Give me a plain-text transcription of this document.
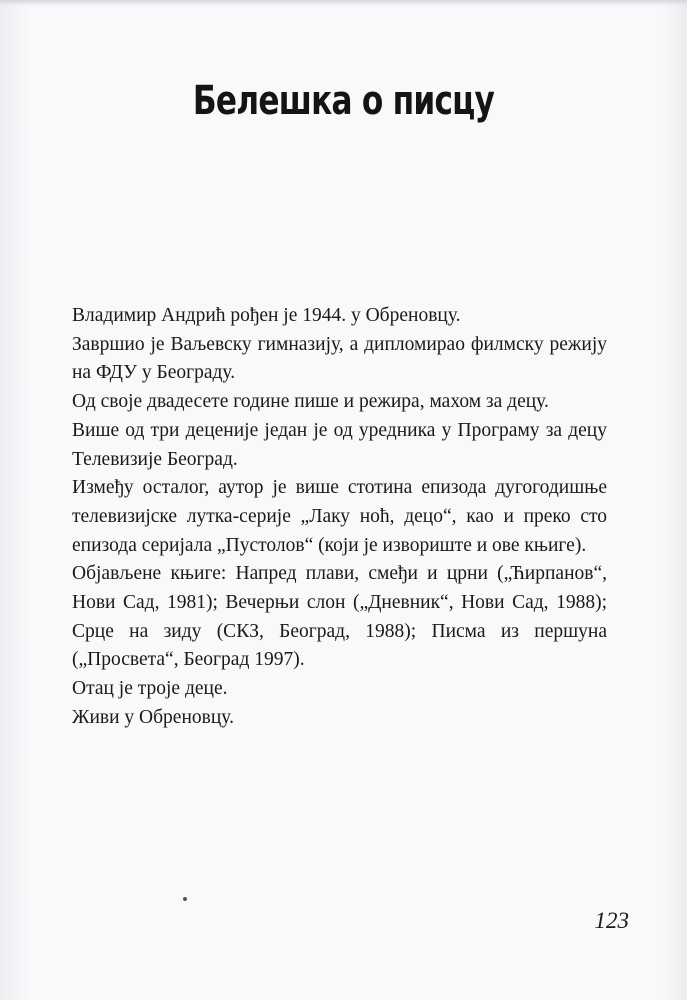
Белешка о писцу

Владимир Андрић рођен је 1944. у Обреновцу.

Завршио је Ваљевску гимназију, а дипломирао филмску режију на ФДУ у Београду.

Од своје двадесете године пише и режира, махом за децу.

Више од три деценије један је од уредника у Програму за децу Телевизије Београд.

Између осталог, аутор је више стотина епизода дугогодишње телевизијске лутка-серије „Лаку ноћ, децо“, као и преко сто епизода серијала „Пустолов“ (који је извориште и ове књиге).

Објављене књиге: Напред плави, смеђи и црни („Ћирпанов“, Нови Сад, 1981); Вечерњи слон („Дневник“, Нови Сад, 1988); Срце на зиду (СКЗ, Београд, 1988); Писма из першуна („Просвета“, Београд 1997).

Отац је троје деце.

Живи у Обреновцу.

123
